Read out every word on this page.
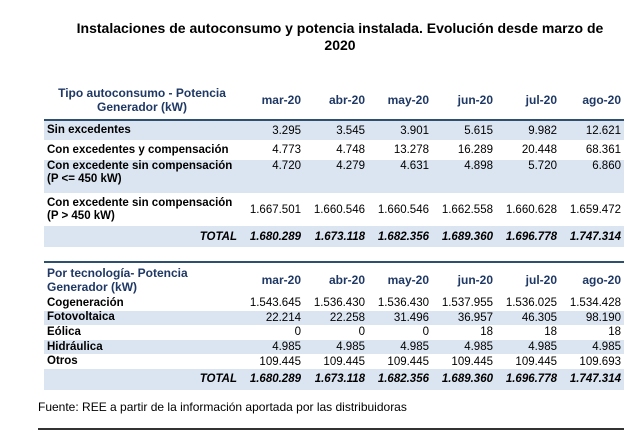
Instalaciones de autoconsumo y potencia instalada. Evolución desde marzo de 2020
Tipo autoconsumo - Potencia Generador (kW)	mar-20	abr-20	may-20	jun-20	jul-20	ago-20
Sin excedentes	3.295	3.545	3.901	5.615	9.982	12.621
Con excedentes y compensación	4.773	4.748	13.278	16.289	20.448	68.361
Con excedente sin compensación (P <= 450 kW)	4.720	4.279	4.631	4.898	5.720	6.860
Con excedente sin compensación (P > 450 kW)	1.667.501	1.660.546	1.660.546	1.662.558	1.660.628	1.659.472
TOTAL	1.680.289	1.673.118	1.682.356	1.689.360	1.696.778	1.747.314
Por tecnología- Potencia Generador (kW)	mar-20	abr-20	may-20	jun-20	jul-20	ago-20
Cogeneración	1.543.645	1.536.430	1.536.430	1.537.955	1.536.025	1.534.428
Fotovoltaica	22.214	22.258	31.496	36.957	46.305	98.190
Eólica	0	0	0	18	18	18
Hidráulica	4.985	4.985	4.985	4.985	4.985	4.985
Otros	109.445	109.445	109.445	109.445	109.445	109.693
TOTAL	1.680.289	1.673.118	1.682.356	1.689.360	1.696.778	1.747.314
Fuente: REE a partir de la información aportada por las distribuidoras
